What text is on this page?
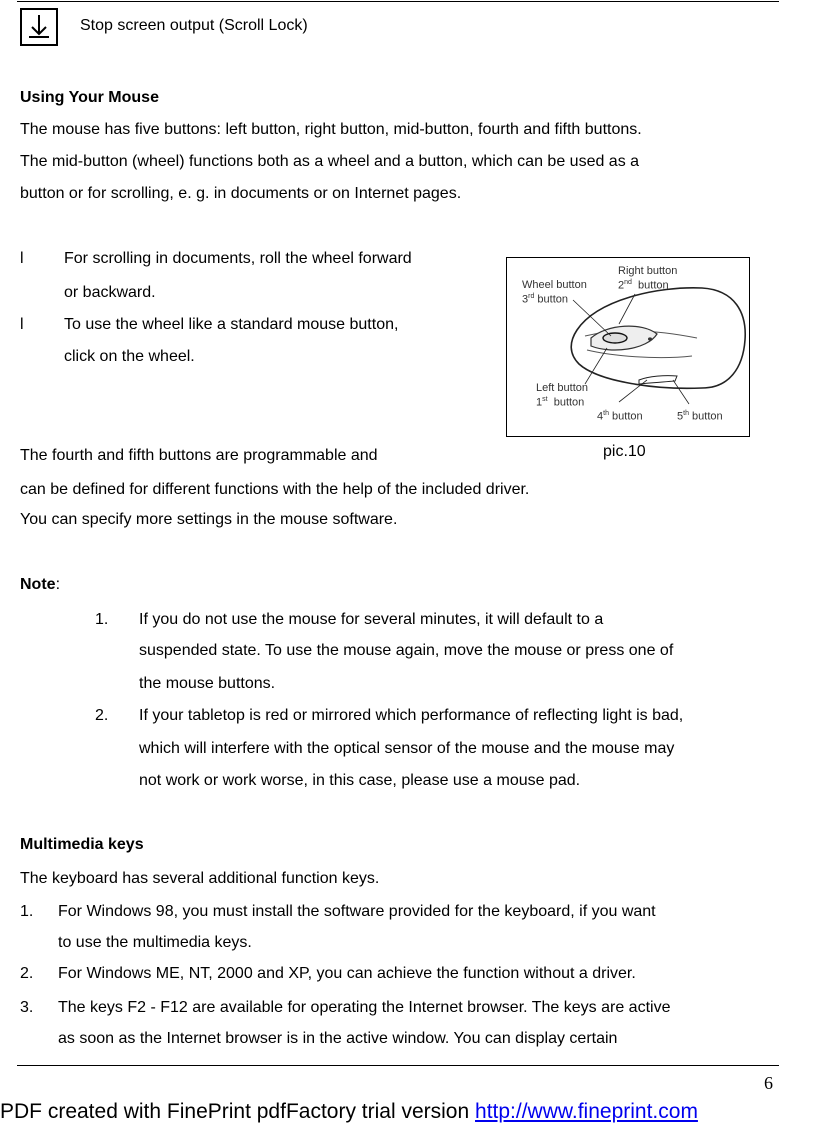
Stop screen output (Scroll Lock)
Using Your Mouse
The mouse has five buttons: left button, right button, mid-button, fourth and fifth buttons.
The mid-button (wheel) functions both as a wheel and a button, which can be used as a
button or for scrolling, e. g. in documents or on Internet pages.
l	For scrolling in documents, roll the wheel forward
or backward.
l	To use the wheel like a standard mouse button,
click on the wheel.
Wheel button
3rd button
Right button
2nd button
Left button
1st button
4th button	5th button
pic.10
The fourth and fifth buttons are programmable and
can be defined for different functions with the help of the included driver.
You can specify more settings in the mouse software.
Note:
1. If you do not use the mouse for several minutes, it will default to a
suspended state. To use the mouse again, move the mouse or press one of
the mouse buttons.
2. If your tabletop is red or mirrored which performance of reflecting light is bad,
which will interfere with the optical sensor of the mouse and the mouse may
not work or work worse, in this case, please use a mouse pad.
Multimedia keys
The keyboard has several additional function keys.
1. For Windows 98, you must install the software provided for the keyboard, if you want
to use the multimedia keys.
2. For Windows ME, NT, 2000 and XP, you can achieve the function without a driver.
3. The keys F2 - F12 are available for operating the Internet browser. The keys are active
as soon as the Internet browser is in the active window. You can display certain
6
PDF created with FinePrint pdfFactory trial version http://www.fineprint.com
